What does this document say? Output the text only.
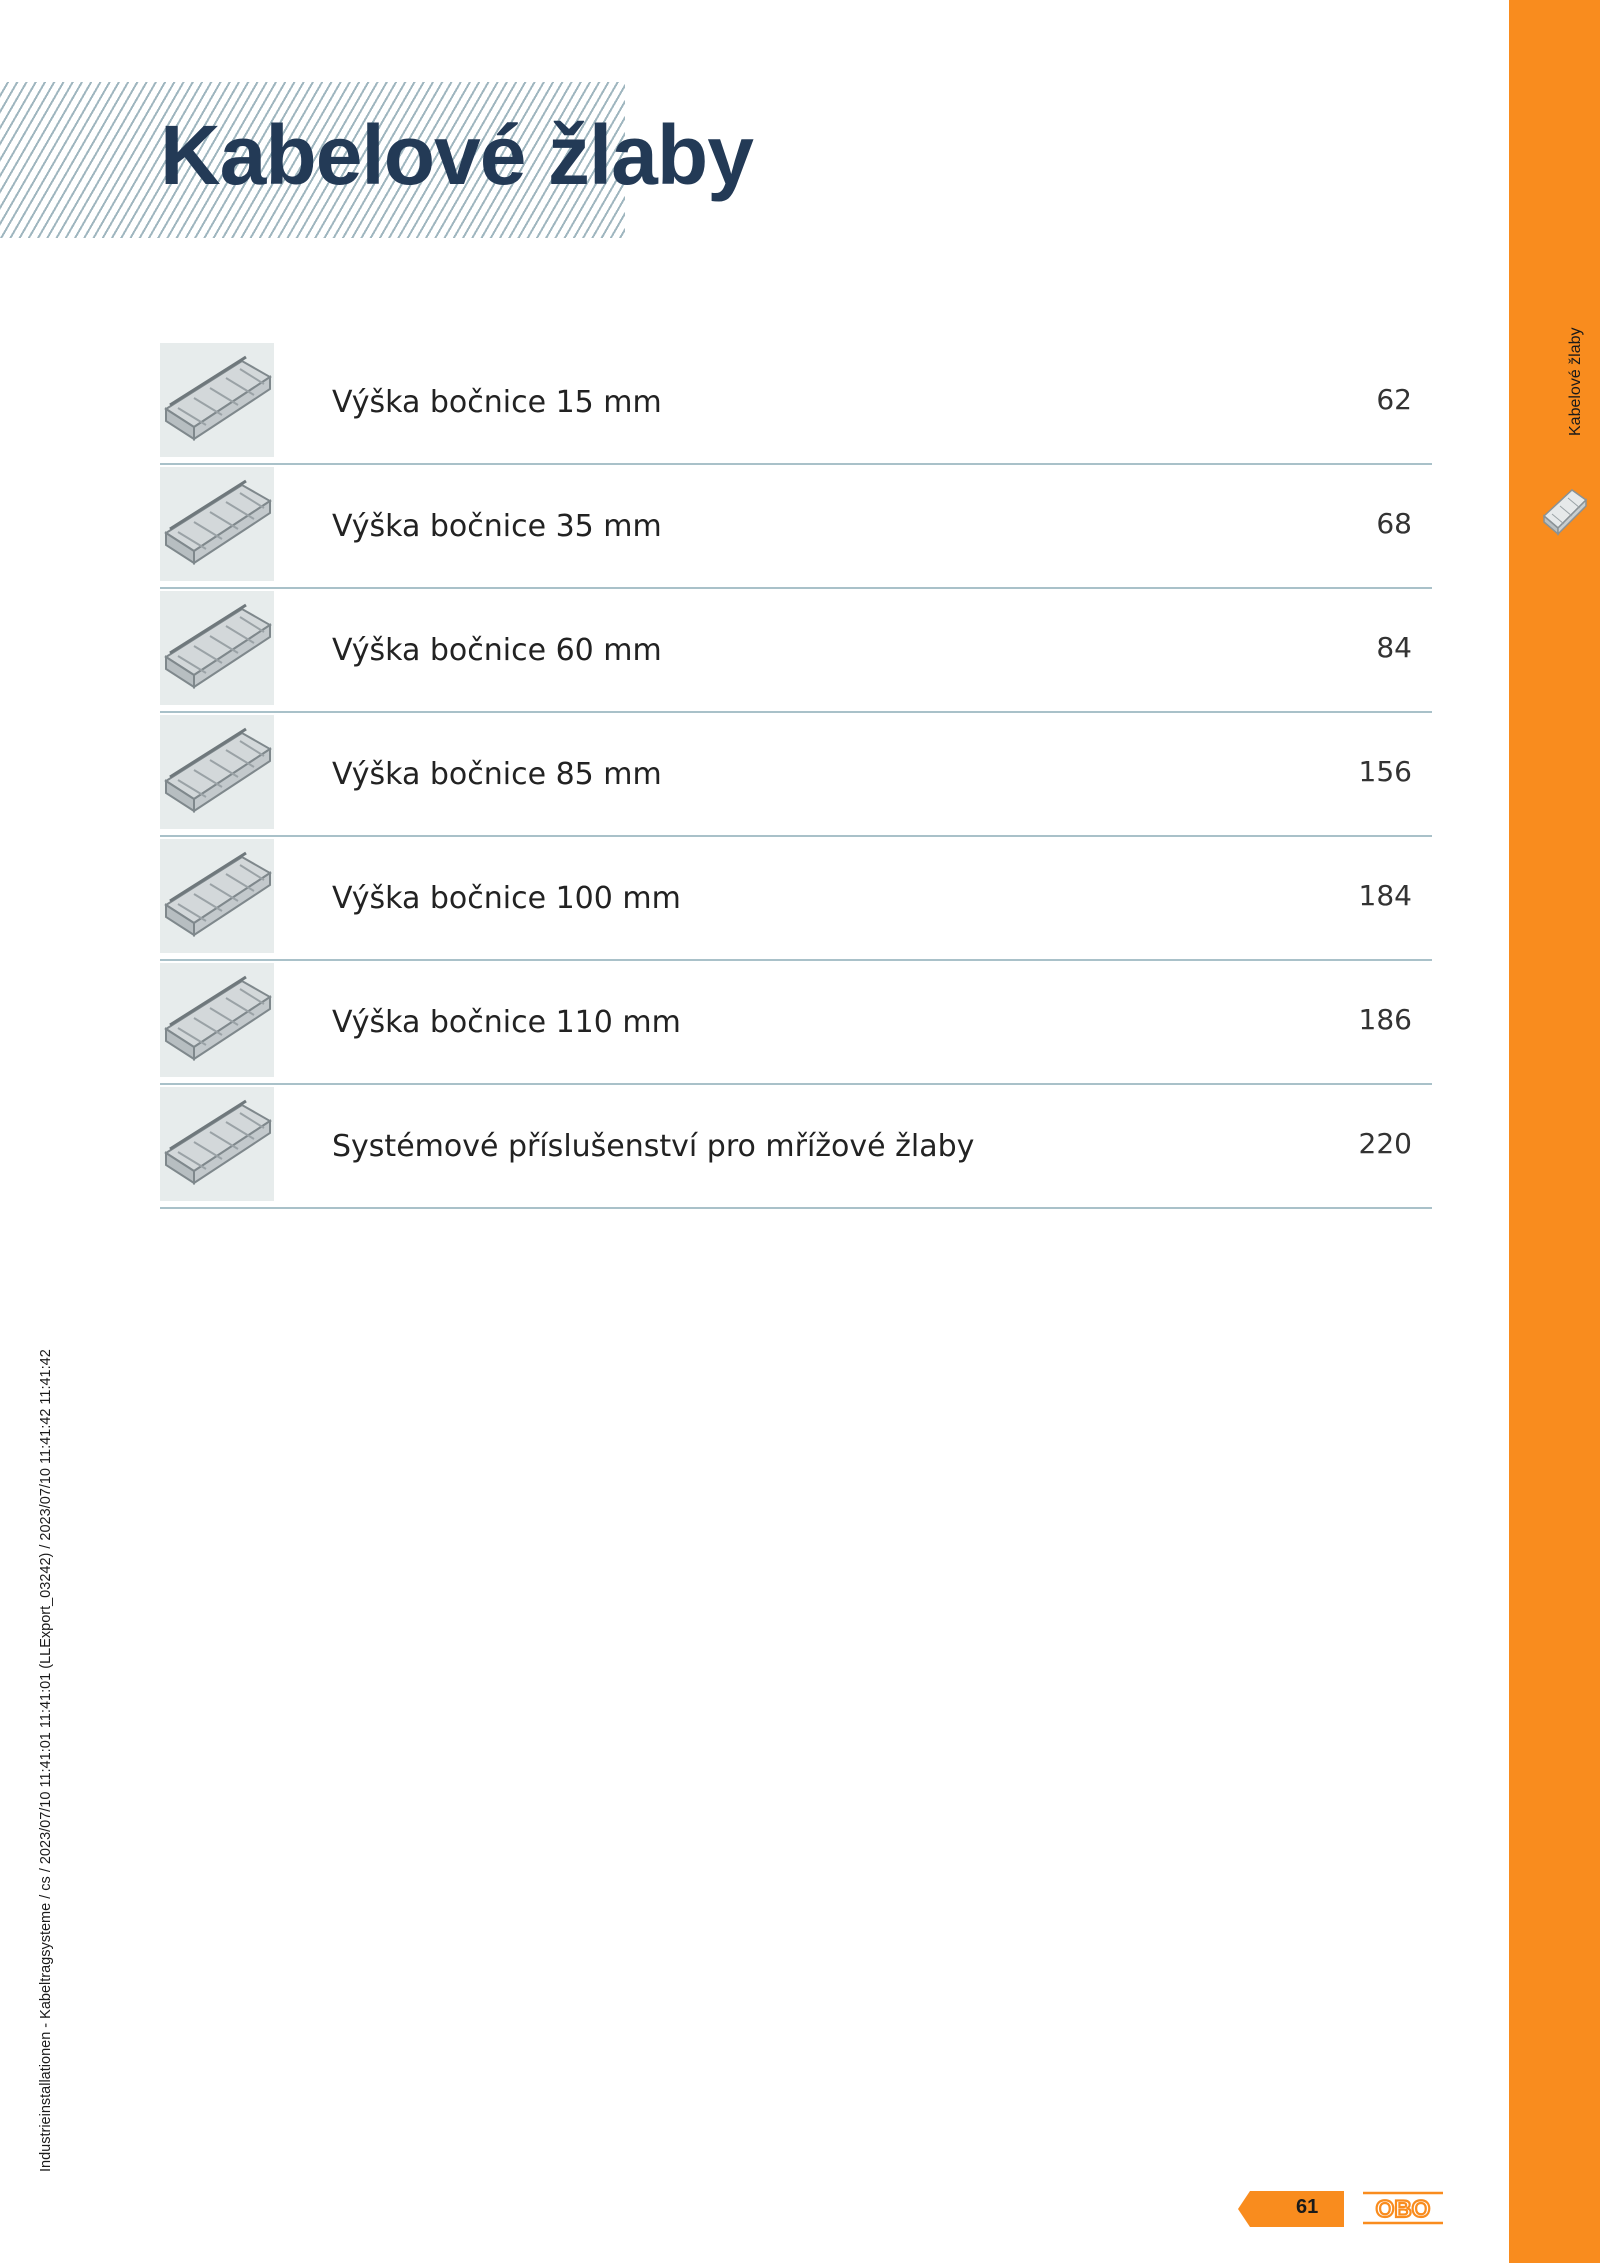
Kabelové žlaby
Výška bočnice 15 mm	62
Výška bočnice 35 mm	68
Výška bočnice 60 mm	84
Výška bočnice 85 mm	156
Výška bočnice 100 mm	184
Výška bočnice 110 mm	186
Systémové příslušenství pro mřížové žlaby	220
Kabelové žlaby
Industrieinstallationen - Kabeltragsysteme / cs / 2023/07/10 11:41:01 11:41:01 (LLExport_03242) / 2023/07/10 11:41:42 11:41:42
61 OBO
